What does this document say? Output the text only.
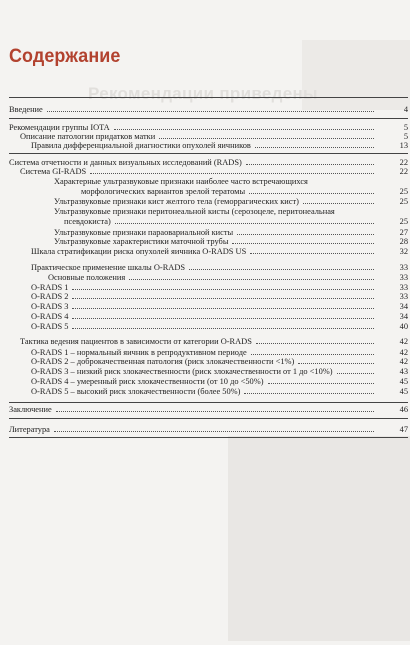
Рекомендации приведены
Содержание
Введение	4
Рекомендации группы IOTA	5
Описание патологии придатков матки	5
Правила дифференциальной диагностики опухолей яичников	13
Система отчетности и данных визуальных исследований (RADS)	22
Система GI-RADS	22
Характерные ультразвуковые признаки наиболее часто встречающихся
морфологических вариантов зрелой тератомы	25
Ультразвуковые признаки кист желтого тела (геморрагических кист)	25
Ультразвуковые признаки перитонеальной кисты (серозоцеле, перитонеальная
псевдокиста)	25
Ультразвуковые признаки параовариальной кисты	27
Ультразвуковые характеристики маточной трубы	28
Шкала стратификации риска опухолей яичника O-RADS US	32
Практическое применение шкалы O-RADS	33
Основные положения	33
O-RADS 1	33
O-RADS 2	33
O-RADS 3	34
O-RADS 4	34
O-RADS 5	40
Тактика ведения пациентов в зависимости от категории O-RADS	42
O-RADS 1 – нормальный яичник в репродуктивном периоде	42
O-RADS 2 – доброкачественная патология (риск злокачественности <1%)	42
O-RADS 3 – низкий риск злокачественности (риск злокачественности от 1 до <10%)	43
O-RADS 4 – умеренный риск злокачественности (от 10 до <50%)	45
O-RADS 5 – высокий риск злокачественности (более 50%)	45
Заключение	46
Литература	47
